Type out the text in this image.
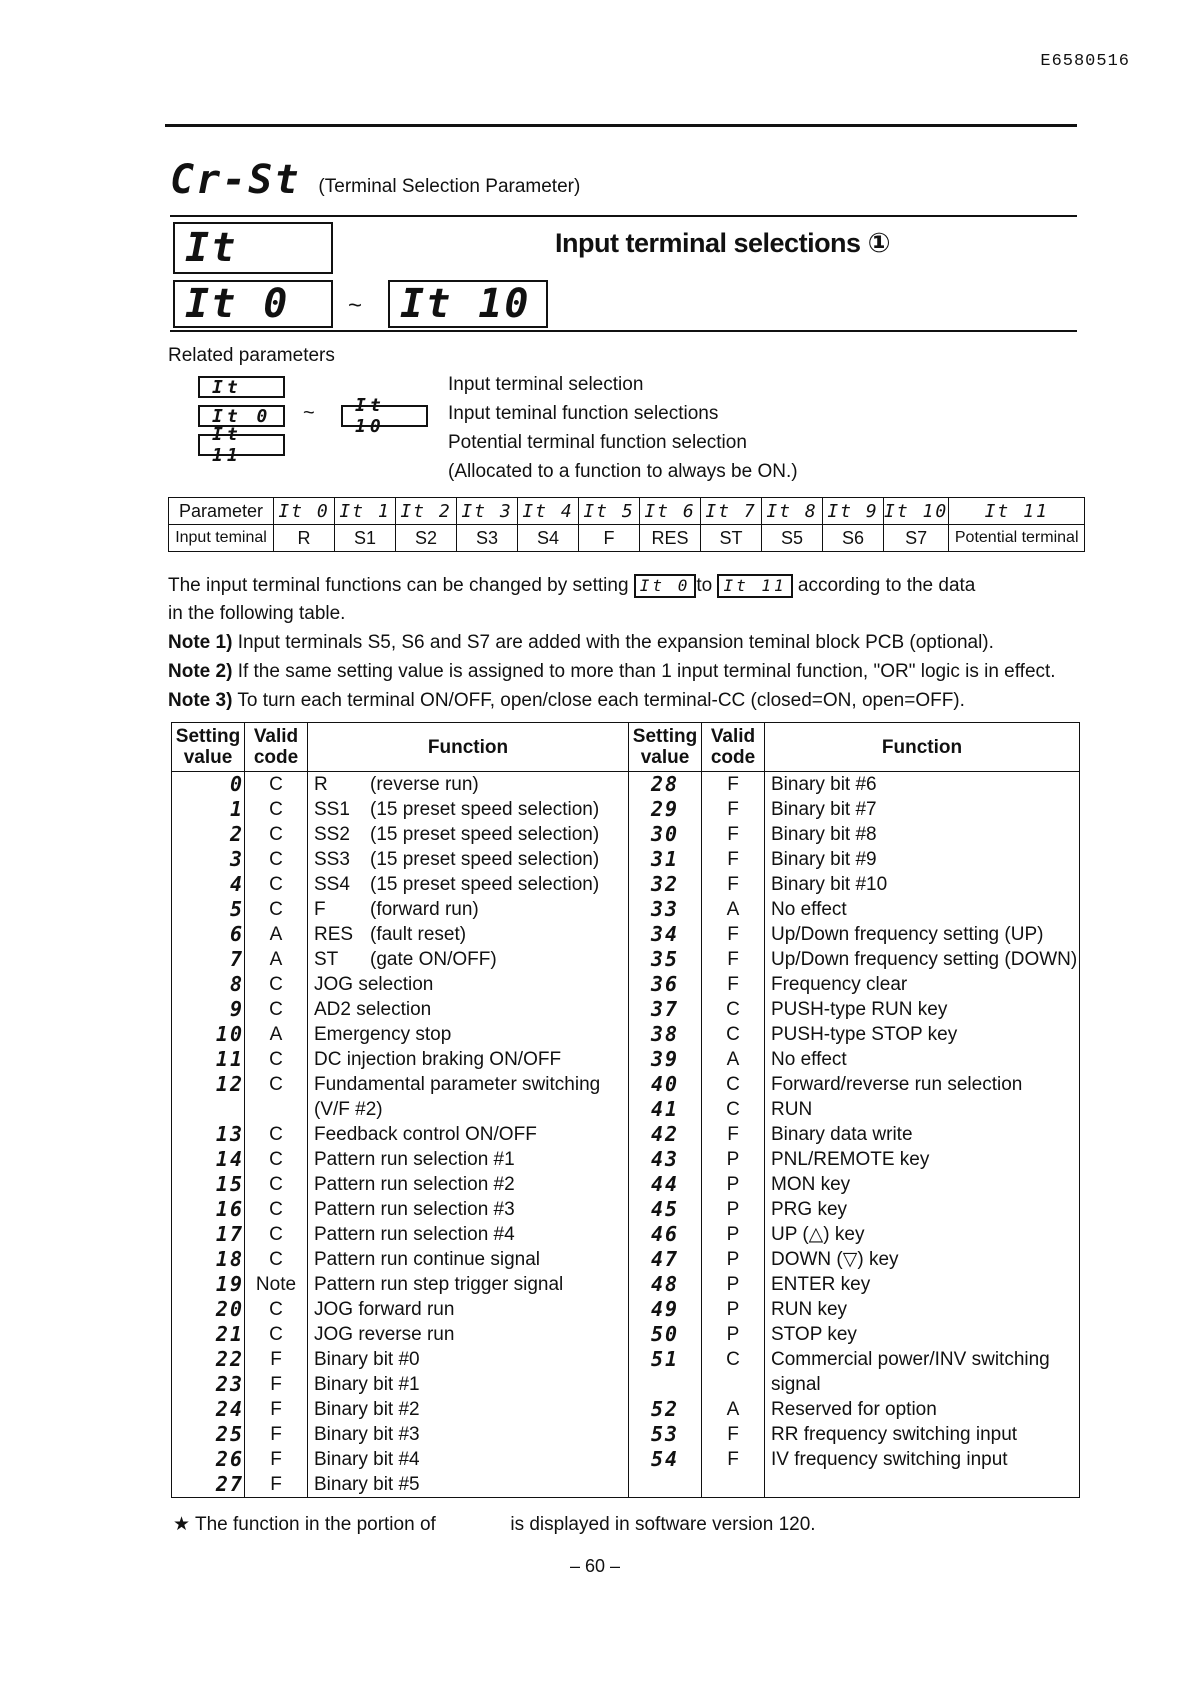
E6580516
Cr-St (Terminal Selection Parameter)
It	Input terminal selections ①
It 0 ~ It 10
Related parameters
It
It 0 ~ It 10
It 11
Input terminal selection
Input teminal function selections
Potential terminal function selection
(Allocated to a function to always be ON.)
Parameter	It 0	It 1	It 2	It 3	It 4	It 5	It 6	It 7	It 8	It 9	It 10	It 11
Input teminal	R	S1	S2	S3	S4	F	RES	ST	S5	S6	S7	Potential terminal
The input terminal functions can be changed by setting It 0 to It 11 according to the data
in the following table.
Note 1) Input terminals S5, S6 and S7 are added with the expansion teminal block PCB (optional).
Note 2) If the same setting value is assigned to more than 1 input terminal function, "OR" logic is in effect.
Note 3) To turn each terminal ON/OFF, open/close each terminal-CC (closed=ON, open=OFF).
Setting
value	Valid
code	Function	Setting
value	Valid
code	Function
0	C	R (reverse run)	28	F	Binary bit #6
1	C	SS1 (15 preset speed selection)	29	F	Binary bit #7
2	C	SS2 (15 preset speed selection)	30	F	Binary bit #8
3	C	SS3 (15 preset speed selection)	31	F	Binary bit #9
4	C	SS4 (15 preset speed selection)	32	F	Binary bit #10
5	C	F (forward run)	33	A	No effect
6	A	RES (fault reset)	34	F	Up/Down frequency setting (UP)
7	A	ST (gate ON/OFF)	35	F	Up/Down frequency setting (DOWN)
8	C	JOG selection	36	F	Frequency clear
9	C	AD2 selection	37	C	PUSH-type RUN key
10	A	Emergency stop	38	C	PUSH-type STOP key
11	C	DC injection braking ON/OFF	39	A	No effect
12	C	Fundamental parameter switching	40	C	Forward/reverse run selection
		(V/F #2)	41	C	RUN
13	C	Feedback control ON/OFF	42	F	Binary data write
14	C	Pattern run selection #1	43	P	PNL/REMOTE key
15	C	Pattern run selection #2	44	P	MON key
16	C	Pattern run selection #3	45	P	PRG key
17	C	Pattern run selection #4	46	P	UP (△) key
18	C	Pattern run continue signal	47	P	DOWN (▽) key
19	Note	Pattern run step trigger signal	48	P	ENTER key
20	C	JOG forward run	49	P	RUN key
21	C	JOG reverse run	50	P	STOP key
22	F	Binary bit #0	51	C	Commercial power/INV switching
23	F	Binary bit #1			signal
24	F	Binary bit #2	52	A	Reserved for option
25	F	Binary bit #3	53	F	RR frequency switching input
26	F	Binary bit #4	54	F	IV frequency switching input
27	F	Binary bit #5			
★ The function in the portion of	is displayed in software version 120.
– 60 –
